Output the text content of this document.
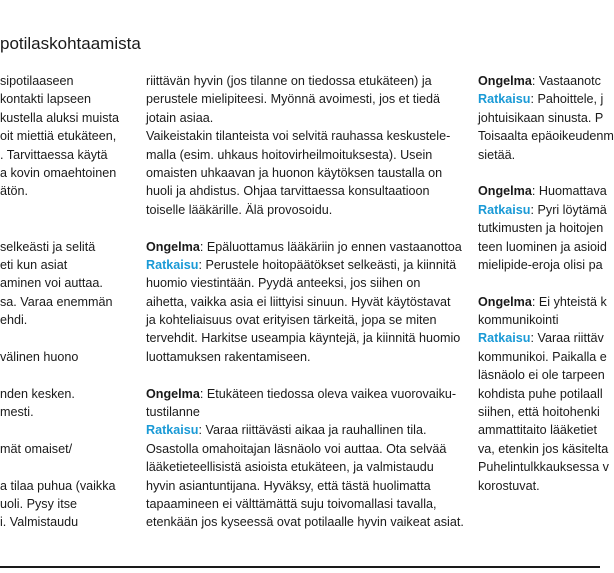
potilaskohtaamista
sipotilaaseen
kontakti lapseen
kustella aluksi muista
oit miettiä etukäteen,
. Tarvittaessa käytä
a kovin omaehtoinen
ätön.
selkeästi ja selitä
eti kun asiat
aminen voi auttaa.
sa. Varaa enemmän
ehdi.
välinen huono
nden kesken.
mesti.
mät omaiset/
a tilaa puhua (vaikka
uoli. Pysy itse
i. Valmistaudu
riittävän hyvin (jos tilanne on tiedossa etukäteen) ja
perustele mielipiteesi. Myönnä avoimesti, jos et tiedä
jotain asiaa.
Vaikeistakin tilanteista voi selvitä rauhassa keskustele-
malla (esim. uhkaus hoitovirheilmoituksesta). Usein
omaisten uhkaavan ja huonon käytöksen taustalla on
huoli ja ahdistus. Ohjaa tarvittaessa konsultaatioon
toiselle lääkärille. Älä provosoidu.
Ongelma: Epäluottamus lääkäriin jo ennen vastaanottoa
Ratkaisu: Perustele hoitopäätökset selkeästi, ja kiinnitä
huomio viestintään. Pyydä anteeksi, jos siihen on
aihetta, vaikka asia ei liittyisi sinuun. Hyvät käytöstavat
ja kohteliaisuus ovat erityisen tärkeitä, jopa se miten
tervehdit. Harkitse useampia käyntejä, ja kiinnitä huomio
luottamuksen rakentamiseen.
Ongelma: Etukäteen tiedossa oleva vaikea vuorovaiku-
tustilanne
Ratkaisu: Varaa riittävästi aikaa ja rauhallinen tila.
Osastolla omahoitajan läsnäolo voi auttaa. Ota selvää
lääketieteellisistä asioista etukäteen, ja valmistaudu
hyvin asiantuntijana. Hyväksy, että tästä huolimatta
tapaamineen ei välttämättä suju toivomallasi tavalla,
etenkään jos kyseessä ovat potilaalle hyvin vaikeat asiat.
Ongelma: Vastaanotc
Ratkaisu: Pahoittele, j
johtuisikaan sinusta. P
Toisaalta epäoikeudenm
sietää.
Ongelma: Huomattava
Ratkaisu: Pyri löytämä
tutkimusten ja hoitojen
teen luominen ja asioid
mielipide-eroja olisi pa
Ongelma: Ei yhteistä k
kommunikointi
Ratkaisu: Varaa riittäv
kommunikoi. Paikalla e
läsnäolo ei ole tarpeen
kohdista puhe potilaall
siihen, että hoitohenki
ammattitaito lääketiet
va, etenkin jos käsitelta
Puhelintulkkauksessa v
korostuvat.
